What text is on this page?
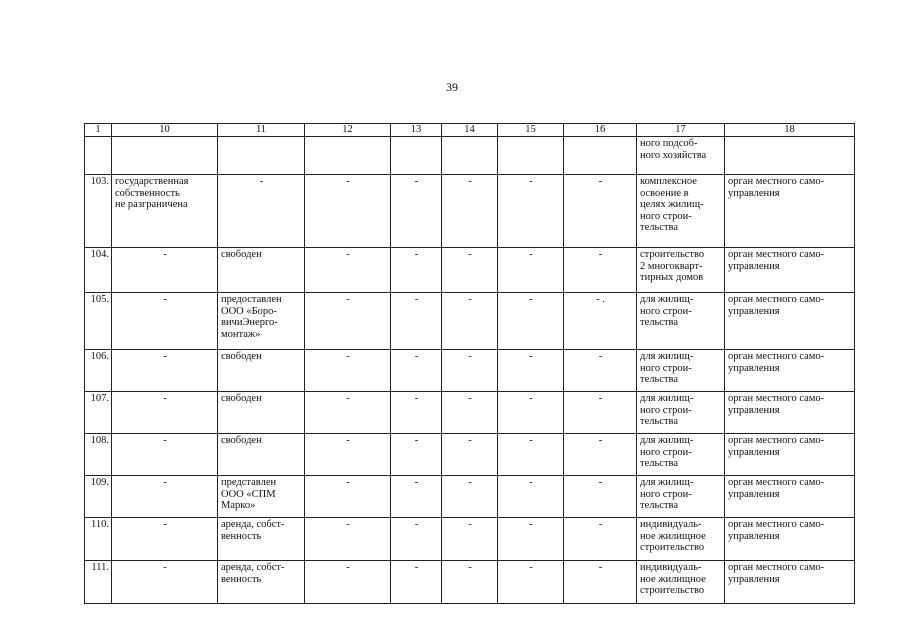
39
1	10	11	12	13	14	15	16	17	18
								ного подсоб-
ного хозяйства	
103.	государственная
собственность
не разграничена	-	-	-	-	-	-	комплексное
освоение в
целях жилищ-
ного строи-
тельства	орган местного само-
управления
104.	-	свободен	-	-	-	-	-	строительство
2 многокварт-
тирных домов	орган местного само-
управления
105.	-	предоставлен
ООО «Боро-
вичиЭнерго-
монтаж»	-	-	-	-	- .	для жилищ-
ного строи-
тельства	орган местного само-
управления
106.	-	свободен	-	-	-	-	-	для жилищ-
ного строи-
тельства	орган местного само-
управления
107.	-	свободен	-	-	-	-	-	для жилищ-
ного строи-
тельства	орган местного само-
управления
108.	-	свободен	-	-	-	-	-	для жилищ-
ного строи-
тельства	орган местного само-
управления
109.	-	представлен
ООО «СПМ
Марко»	-	-	-	-	-	для жилищ-
ного строи-
тельства	орган местного само-
управления
110.	-	аренда, собст-
венность	-	-	-	-	-	индивидуаль-
ное жилищное
строительство	орган местного само-
управления
111.	-	аренда, собст-
венность	-	-	-	-	-	индивидуаль-
ное жилищное
строительство	орган местного само-
управления
